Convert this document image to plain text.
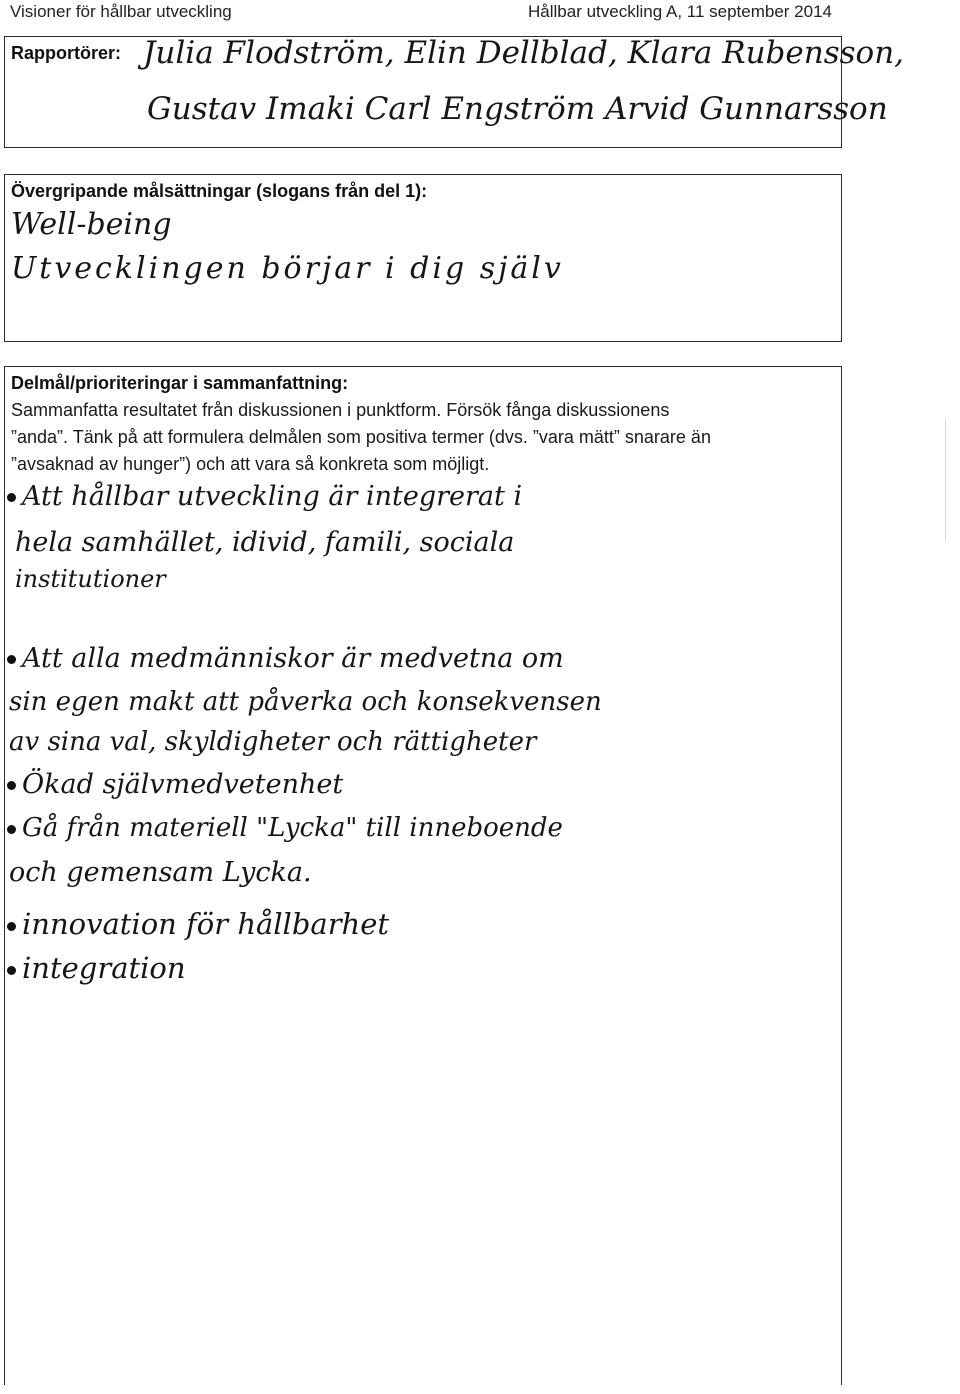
Visioner för hållbar utveckling	Hållbar utveckling A, 11 september 2014
Rapportörer: Julia Flodström, Elin Dellblad, Klara Rubensson,
Gustav Imaki Carl Engström Arvid Gunnarsson
Övergripande målsättningar (slogans från del 1):
Well-being
Utvecklingen börjar i dig själv
Delmål/prioriteringar i sammanfattning:
Sammanfatta resultatet från diskussionen i punktform. Försök fånga diskussionens
”anda”. Tänk på att formulera delmålen som positiva termer (dvs. ”vara mätt” snarare än
”avsaknad av hunger”) och att vara så konkreta som möjligt.
Att hållbar utveckling är integrerat i
hela samhället, idivid, famili, sociala
institutioner
Att alla medmänniskor är medvetna om
sin egen makt att påverka och konsekvensen
av sina val, skyldigheter och rättigheter
Ökad självmedvetenhet
Gå från materiell "Lycka" till inneboende
och gemensam Lycka.
innovation för hållbarhet
integration
